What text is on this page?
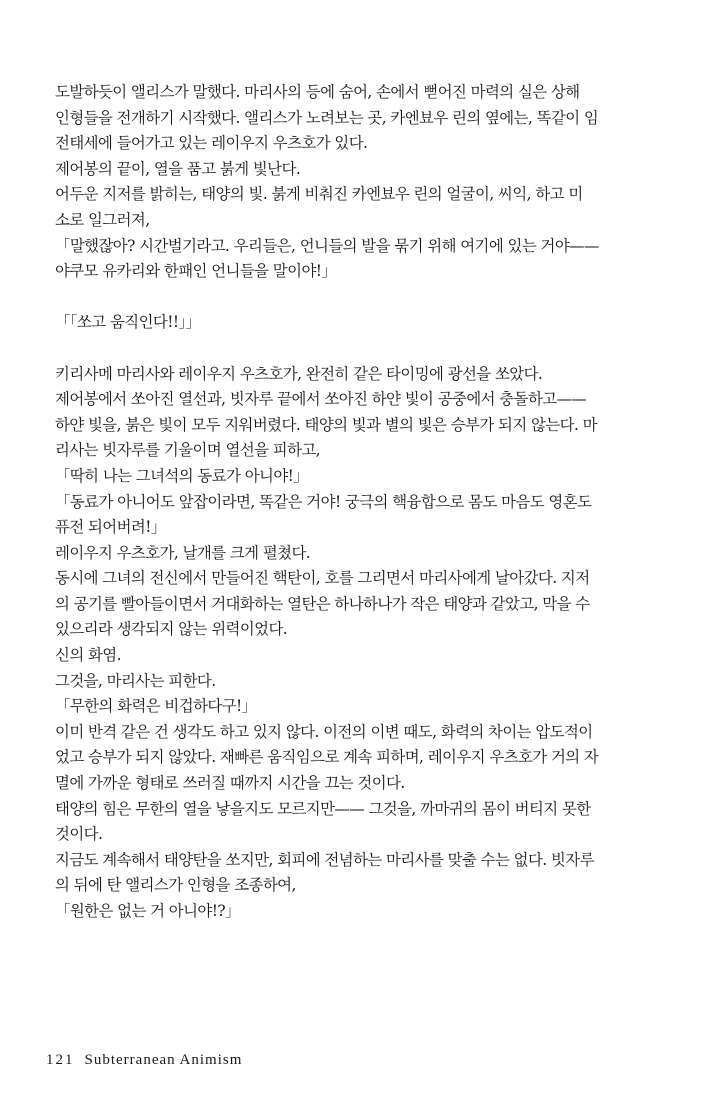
도발하듯이 앨리스가 말했다. 마리사의 등에 숨어, 손에서 뻗어진 마력의 실은 상해
인형들을 전개하기 시작했다. 앨리스가 노려보는 곳, 카엔뵤우 린의 옆에는, 똑같이 임
전태세에 들어가고 있는 레이우지 우츠호가 있다.
제어봉의 끝이, 열을 품고 붉게 빛난다.
어두운 지저를 밝히는, 태양의 빛. 붉게 비춰진 카엔뵤우 린의 얼굴이, 씨익, 하고 미
소로 일그러져,
「말했잖아? 시간벌기라고. 우리들은, 언니들의 발을 묶기 위해 여기에 있는 거야——
야쿠모 유카리와 한패인 언니들을 말이야!」
「「쏘고 움직인다!!」」
키리사메 마리사와 레이우지 우츠호가, 완전히 같은 타이밍에 광선을 쏘았다.
제어봉에서 쏘아진 열선과, 빗자루 끝에서 쏘아진 하얀 빛이 공중에서 충돌하고——
하얀 빛을, 붉은 빛이 모두 지워버렸다. 태양의 빛과 별의 빛은 승부가 되지 않는다. 마
리사는 빗자루를 기울이며 열선을 피하고,
「딱히 나는 그녀석의 동료가 아니야!」
「동료가 아니어도 앞잡이라면, 똑같은 거야! 궁극의 핵융합으로 몸도 마음도 영혼도
퓨전 되어버려!」
레이우지 우츠호가, 날개를 크게 펼쳤다.
동시에 그녀의 전신에서 만들어진 핵탄이, 호를 그리면서 마리사에게 날아갔다. 지저
의 공기를 빨아들이면서 거대화하는 열탄은 하나하나가 작은 태양과 같았고, 막을 수
있으리라 생각되지 않는 위력이었다.
신의 화염.
그것을, 마리사는 피한다.
「무한의 화력은 비겁하다구!」
이미 반격 같은 건 생각도 하고 있지 않다. 이전의 이변 때도, 화력의 차이는 압도적이
었고 승부가 되지 않았다. 재빠른 움직임으로 계속 피하며, 레이우지 우츠호가 거의 자
멸에 가까운 형태로 쓰러질 때까지 시간을 끄는 것이다.
태양의 힘은 무한의 열을 낳을지도 모르지만—— 그것을, 까마귀의 몸이 버티지 못한
것이다.
지금도 계속해서 태양탄을 쏘지만, 회피에 전념하는 마리사를 맞출 수는 없다. 빗자루
의 뒤에 탄 앨리스가 인형을 조종하여,
「원한은 없는 거 아니야!?」
121 Subterranean Animism
